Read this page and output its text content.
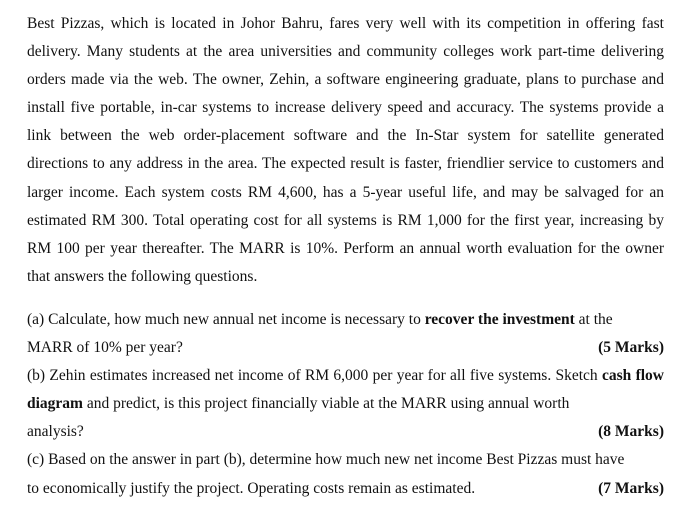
Best Pizzas, which is located in Johor Bahru, fares very well with its competition in offering fast delivery. Many students at the area universities and community colleges work part-time delivering orders made via the web. The owner, Zehin, a software engineering graduate, plans to purchase and install five portable, in-car systems to increase delivery speed and accuracy. The systems provide a link between the web order-placement software and the In-Star system for satellite generated directions to any address in the area. The expected result is faster, friendlier service to customers and larger income. Each system costs RM 4,600, has a 5-year useful life, and may be salvaged for an estimated RM 300. Total operating cost for all systems is RM 1,000 for the first year, increasing by RM 100 per year thereafter. The MARR is 10%. Perform an annual worth evaluation for the owner that answers the following questions.

(a) Calculate, how much new annual net income is necessary to recover the investment at the

MARR of 10% per year?	(5 Marks)

(b) Zehin estimates increased net income of RM 6,000 per year for all five systems. Sketch cash flow diagram and predict, is this project financially viable at the MARR using annual worth

analysis?	(8 Marks)

(c) Based on the answer in part (b), determine how much new net income Best Pizzas must have

to economically justify the project. Operating costs remain as estimated.	(7 Marks)
